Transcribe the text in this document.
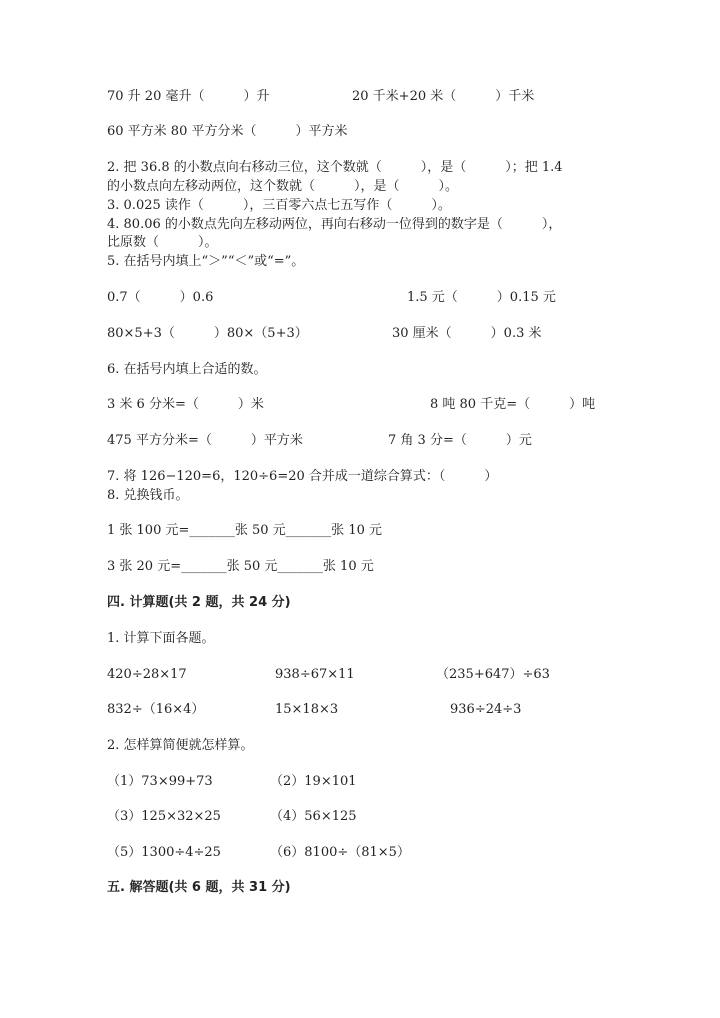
70 升 20 毫升（　　　）升	20 千米+20 米（　　　）千米
60 平方米 80 平方分米（　　　）平方米
2. 把 36.8 的小数点向右移动三位，这个数就（　　　），是（　　　）；把 1.4
的小数点向左移动两位，这个数就（　　　），是（　　　）。
3. 0.025 读作（　　　），三百零六点七五写作（　　　）。
4. 80.06 的小数点先向左移动两位，再向右移动一位得到的数字是（　　　），
比原数（　　　）。
5. 在括号内填上“＞”“＜”或“=”。
0.7（　　　）0.6	1.5 元（　　　）0.15 元
80×5+3（　　　）80×（5+3）	30 厘米（　　　）0.3 米
6. 在括号内填上合适的数。
3 米 6 分米=（　　　）米	8 吨 80 千克=（　　　）吨
475 平方分米=（　　　）平方米	7 角 3 分=（　　　）元
7. 将 126−120=6，120÷6=20 合并成一道综合算式：（　　　）
8. 兑换钱币。
1 张 100 元=_______张 50 元_______张 10 元
3 张 20 元=_______张 50 元_______张 10 元
四. 计算题(共 2 题，共 24 分)
1. 计算下面各题。
420÷28×17	938÷67×11	（235+647）÷63
832÷（16×4）	15×18×3	936÷24÷3
2. 怎样算简便就怎样算。
（1）73×99+73	（2）19×101
（3）125×32×25	（4）56×125
（5）1300÷4÷25	（6）8100÷（81×5）
五. 解答题(共 6 题，共 31 分)
